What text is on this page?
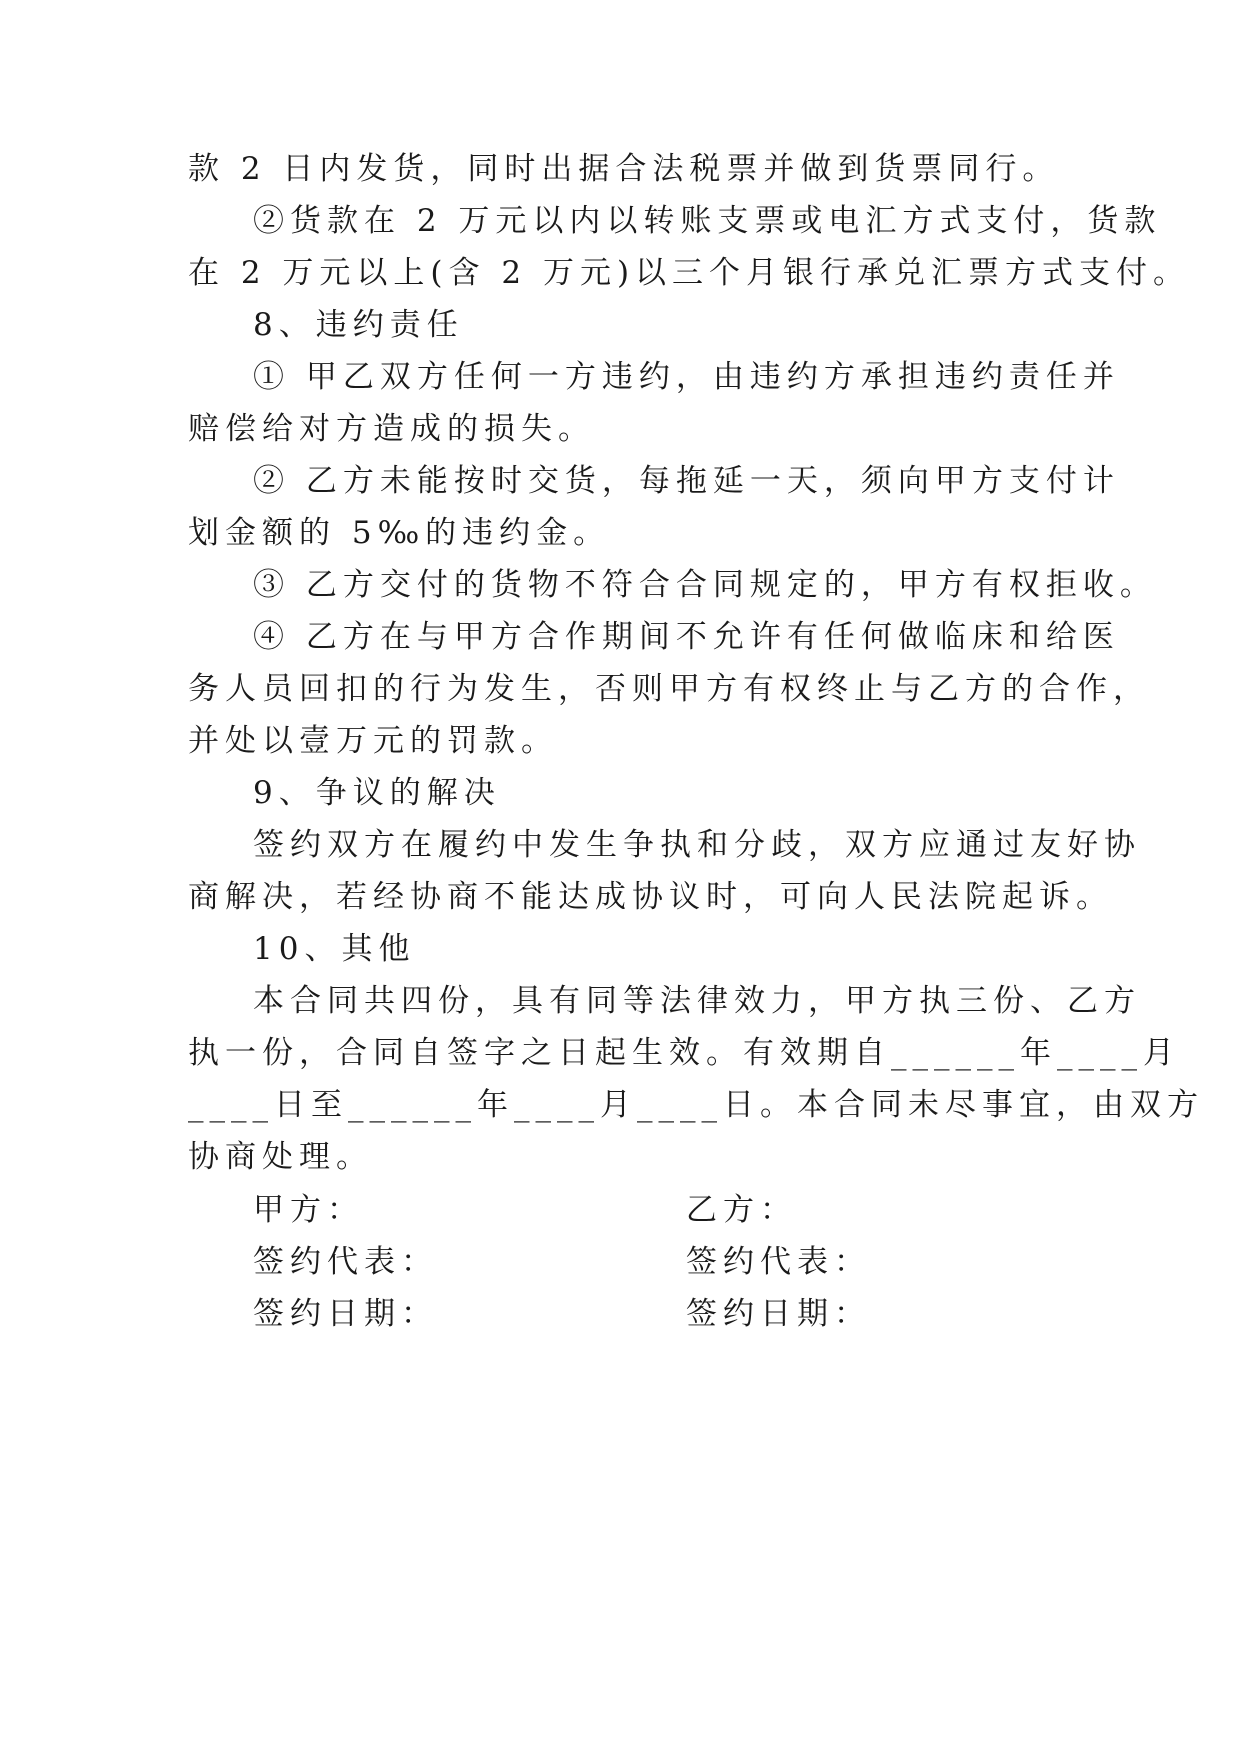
款 2 日内发货，同时出据合法税票并做到货票同行。
②货款在 2 万元以内以转账支票或电汇方式支付，货款
在 2 万元以上(含 2 万元)以三个月银行承兑汇票方式支付。
8、违约责任
① 甲乙双方任何一方违约，由违约方承担违约责任并
赔偿给对方造成的损失。
② 乙方未能按时交货，每拖延一天，须向甲方支付计
划金额的 5‰的违约金。
③ 乙方交付的货物不符合合同规定的，甲方有权拒收。
④ 乙方在与甲方合作期间不允许有任何做临床和给医
务人员回扣的行为发生，否则甲方有权终止与乙方的合作，
并处以壹万元的罚款。
9、争议的解决
签约双方在履约中发生争执和分歧，双方应通过友好协
商解决，若经协商不能达成协议时，可向人民法院起诉。
10、其他
本合同共四份，具有同等法律效力，甲方执三份、乙方
执一份，合同自签字之日起生效。有效期自______年____月
____日至______年____月____日。本合同未尽事宜，由双方
协商处理。
甲方：	乙方：
签约代表：	签约代表：
签约日期：	签约日期：
